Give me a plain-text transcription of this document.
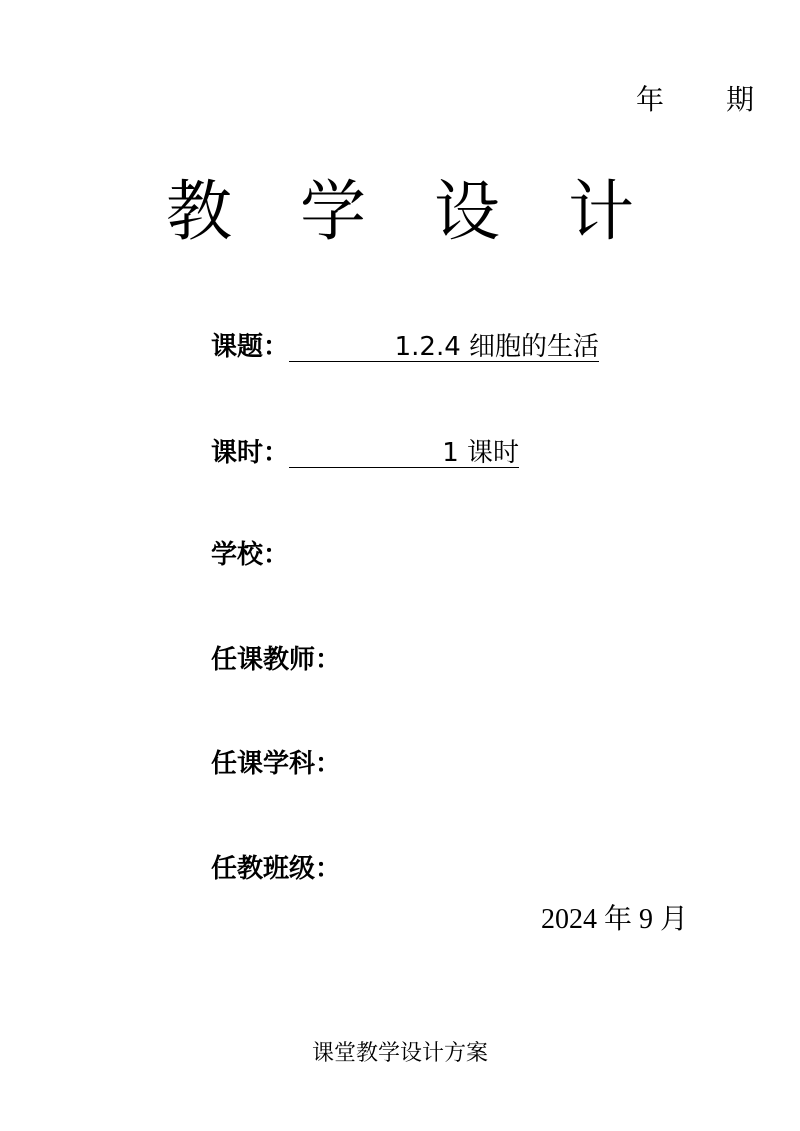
年 期
教 学 设 计
课题：	1.2.4 细胞的生活
课时：	1 课时
学校：
任课教师：
任课学科：
任教班级：
2024 年 9 月
课堂教学设计方案
